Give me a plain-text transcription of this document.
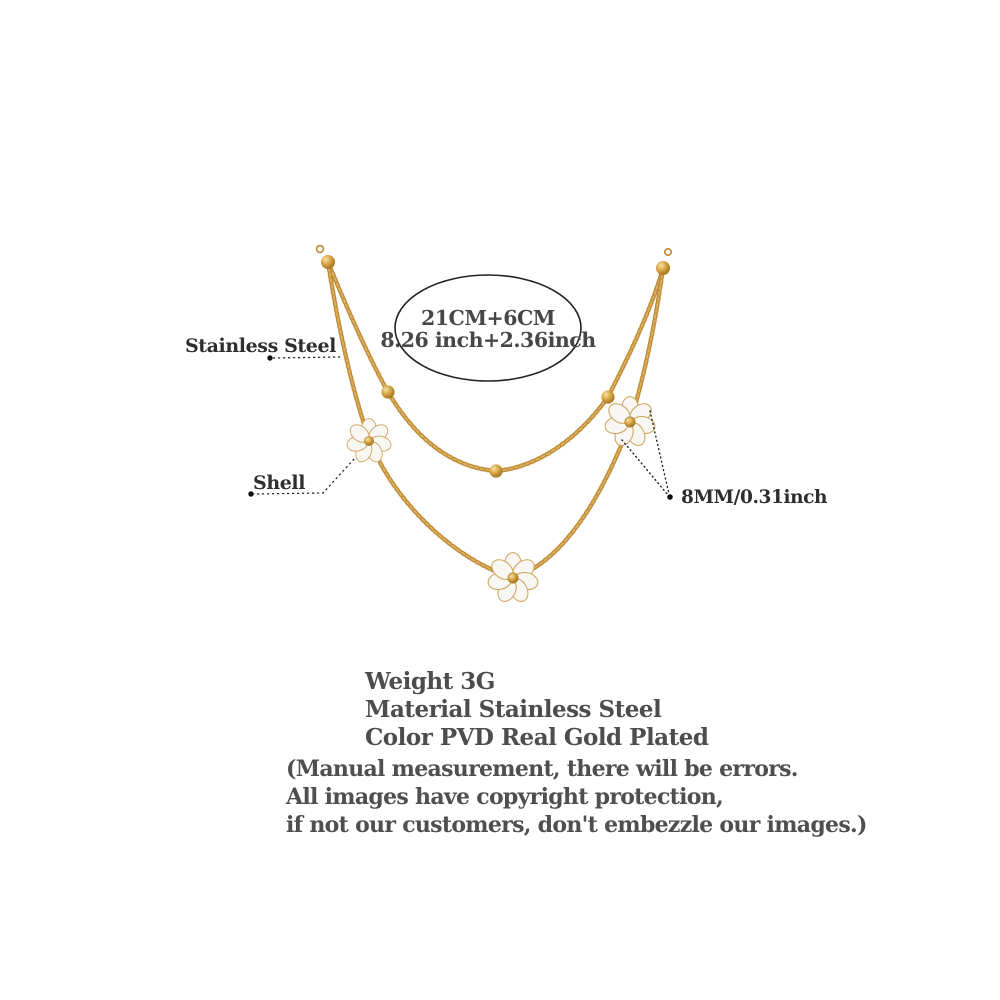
Stainless Steel
Shell
8MM/0.31inch
21CM+6CM
8.26 inch+2.36inch

Weight 3G

Material Stainless Steel

Color PVD Real Gold Plated

(Manual measurement, there will be errors.

All images have copyright protection,

if not our customers, don't embezzle our images.)
